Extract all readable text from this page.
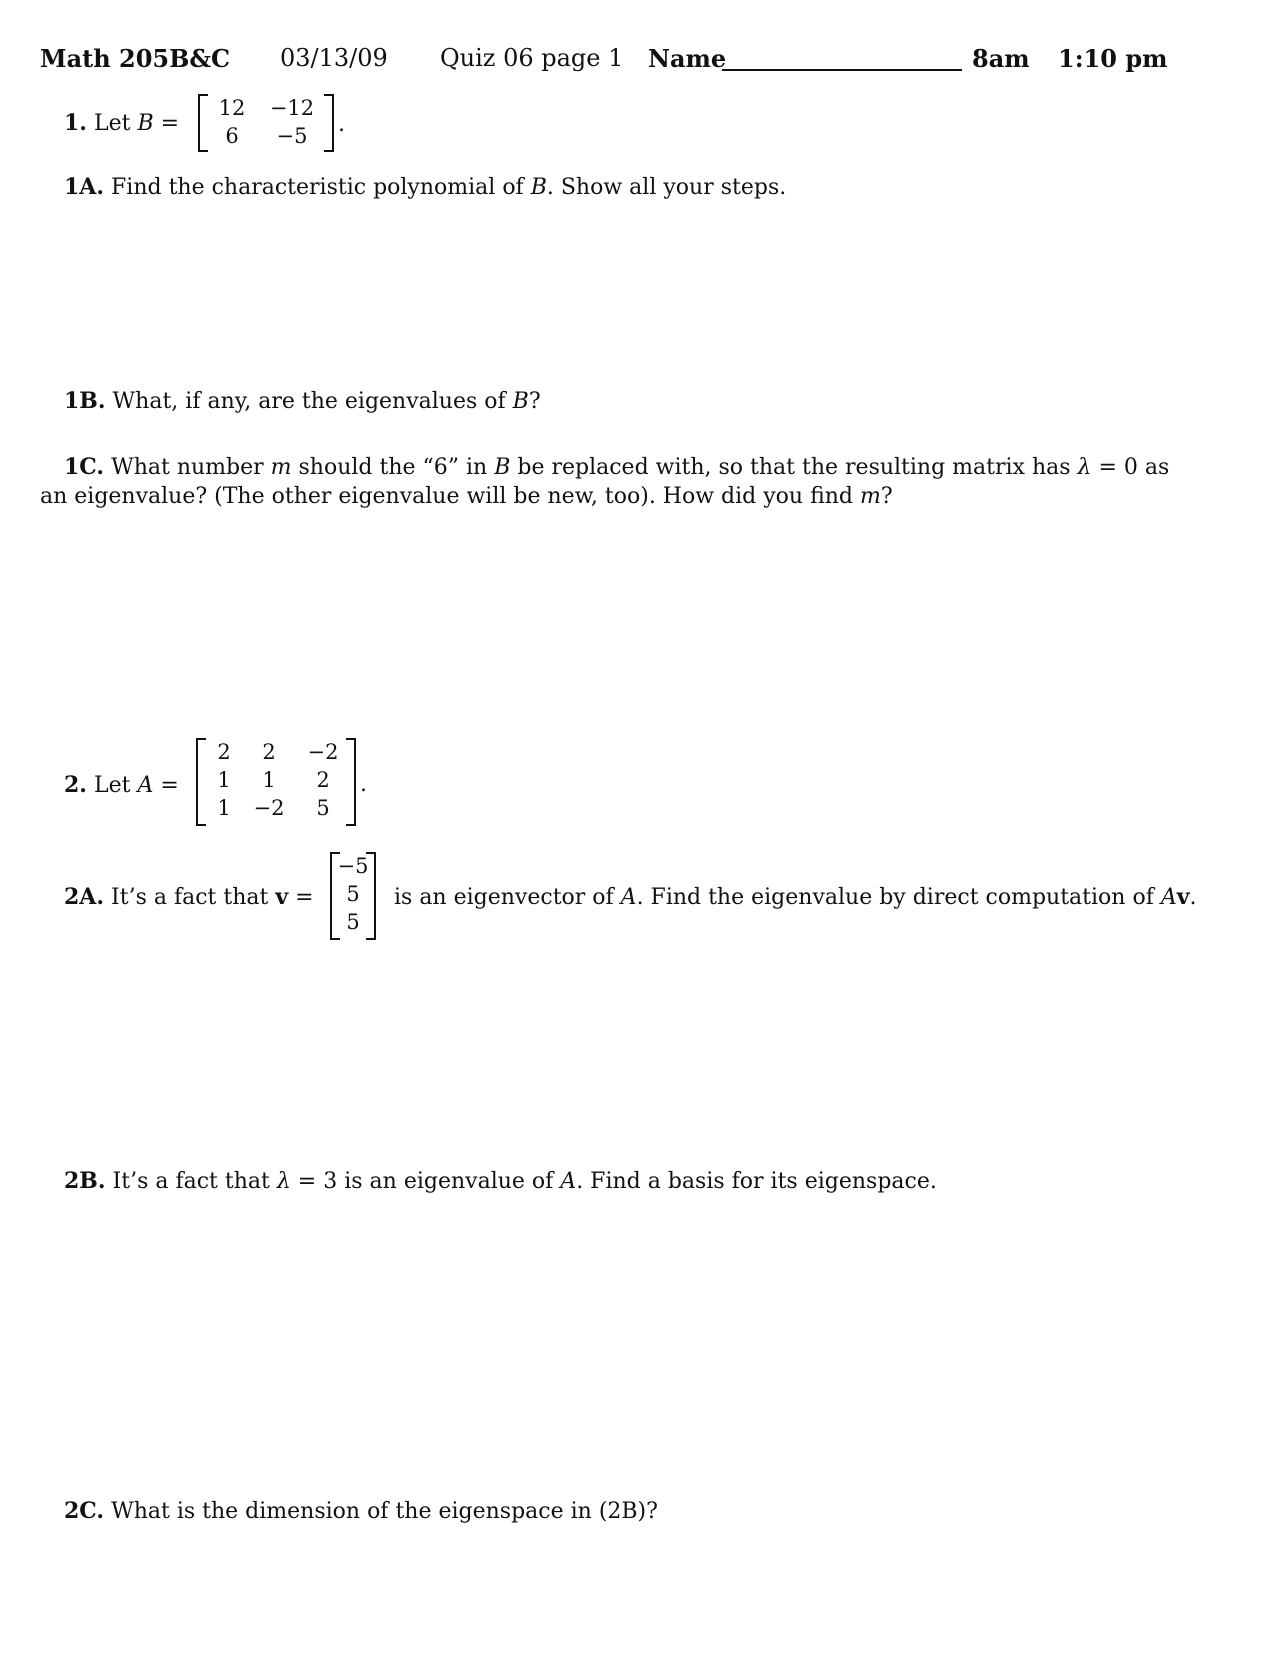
Math 205B&C 03/13/09 Quiz 06 page 1 Name	8am 1:10 pm
1. Let B =
12	−12
6	−5	.
1A. Find the characteristic polynomial of B. Show all your steps.
1B. What, if any, are the eigenvalues of B?
1C. What number m should the “6” in B be replaced with, so that the resulting matrix has λ = 0 as
an eigenvalue? (The other eigenvalue will be new, too). How did you find m?
2. Let A =
2	2	−2
1	1	2
1	−2	5
.
2A. It’s a fact that v =
−5
5
5
is an eigenvector of A. Find the eigenvalue by direct computation of Av.
2B. It’s a fact that λ = 3 is an eigenvalue of A. Find a basis for its eigenspace.
2C. What is the dimension of the eigenspace in (2B)?
